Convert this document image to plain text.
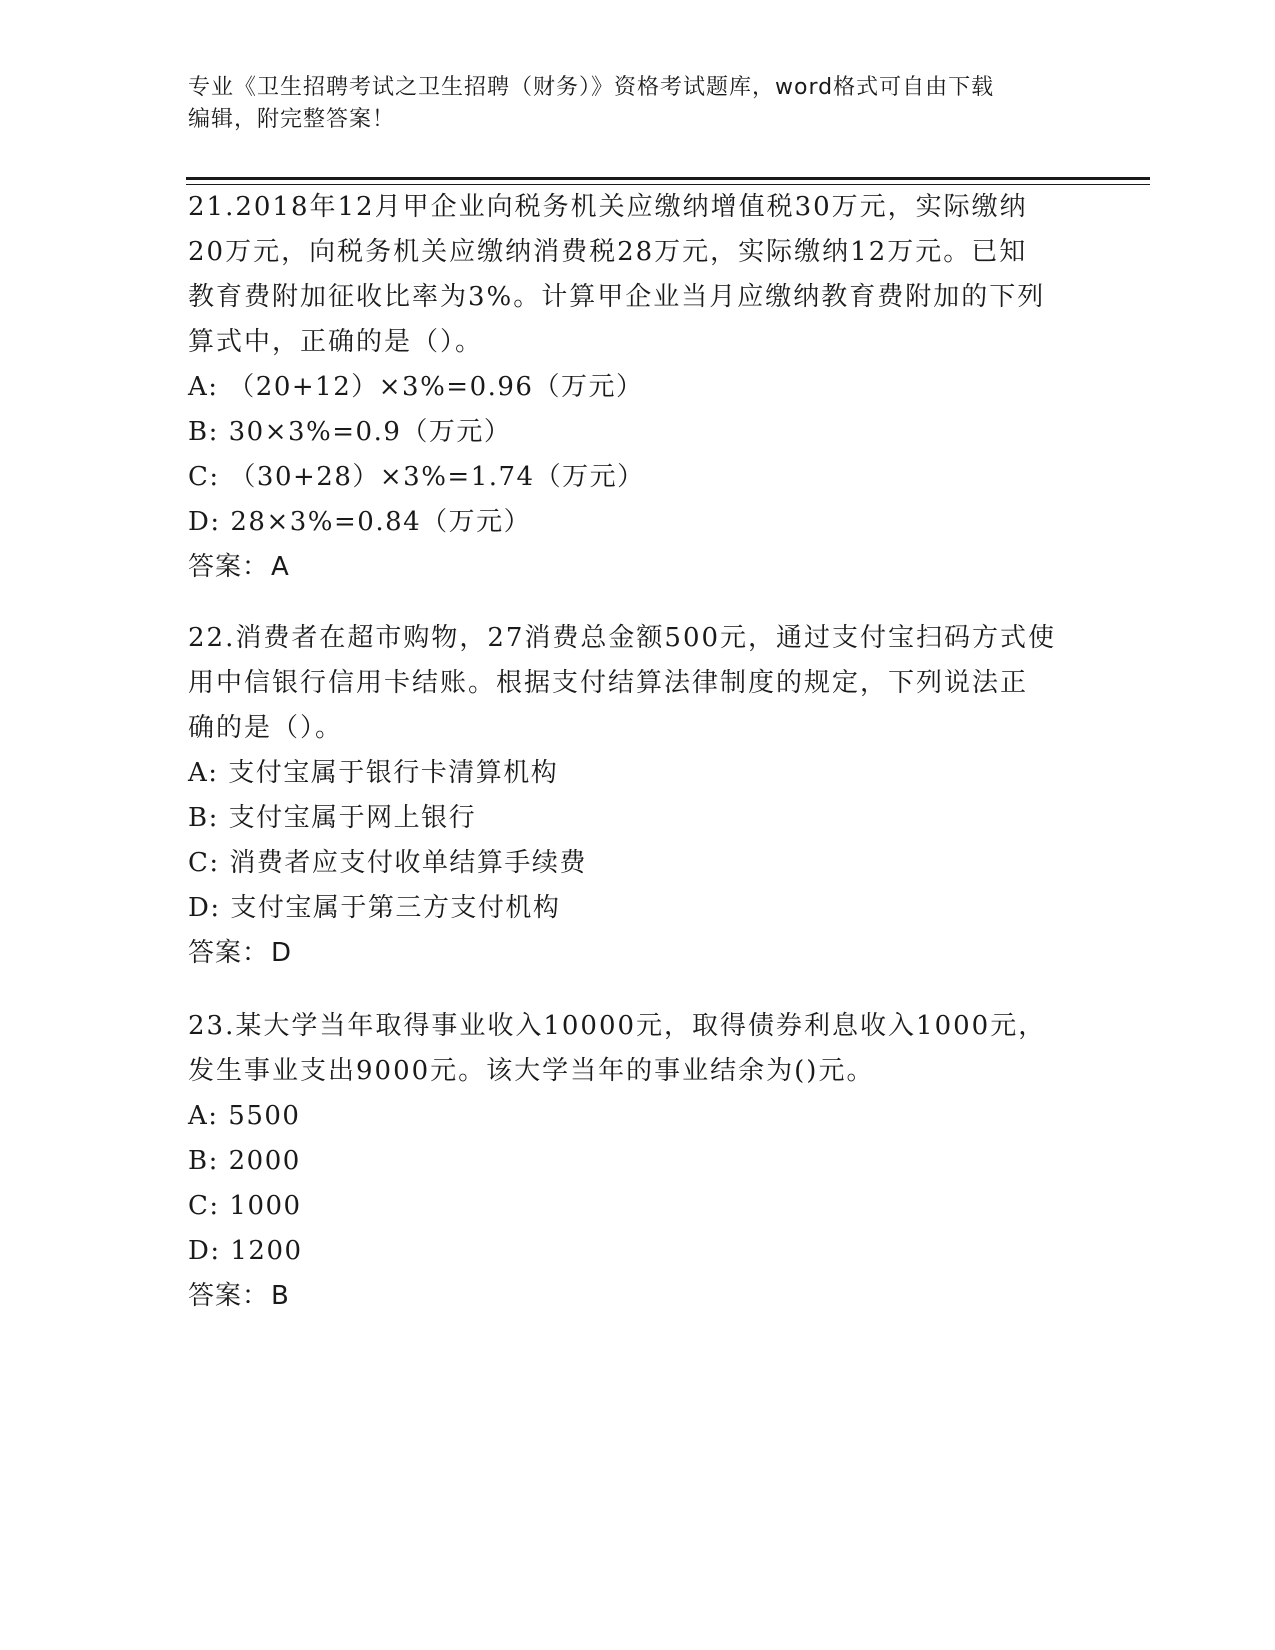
专业《卫生招聘考试之卫生招聘（财务）》资格考试题库，word格式可自由下载
编辑，附完整答案！

21.2018年12月甲企业向税务机关应缴纳增值税30万元，实际缴纳

20万元，向税务机关应缴纳消费税28万元，实际缴纳12万元。已知

教育费附加征收比率为3%。计算甲企业当月应缴纳教育费附加的下列

算式中，正确的是（）。

A: （20+12）×3%=0.96（万元）

B: 30×3%=0.9（万元）

C: （30+28）×3%=1.74（万元）

D: 28×3%=0.84（万元）

答案：A

22.消费者在超市购物，27消费总金额500元，通过支付宝扫码方式使

用中信银行信用卡结账。根据支付结算法律制度的规定，下列说法正

确的是（）。

A: 支付宝属于银行卡清算机构

B: 支付宝属于网上银行

C: 消费者应支付收单结算手续费

D: 支付宝属于第三方支付机构

答案：D

23.某大学当年取得事业收入10000元，取得债券利息收入1000元，

发生事业支出9000元。该大学当年的事业结余为()元。

A: 5500

B: 2000

C: 1000

D: 1200

答案：B
